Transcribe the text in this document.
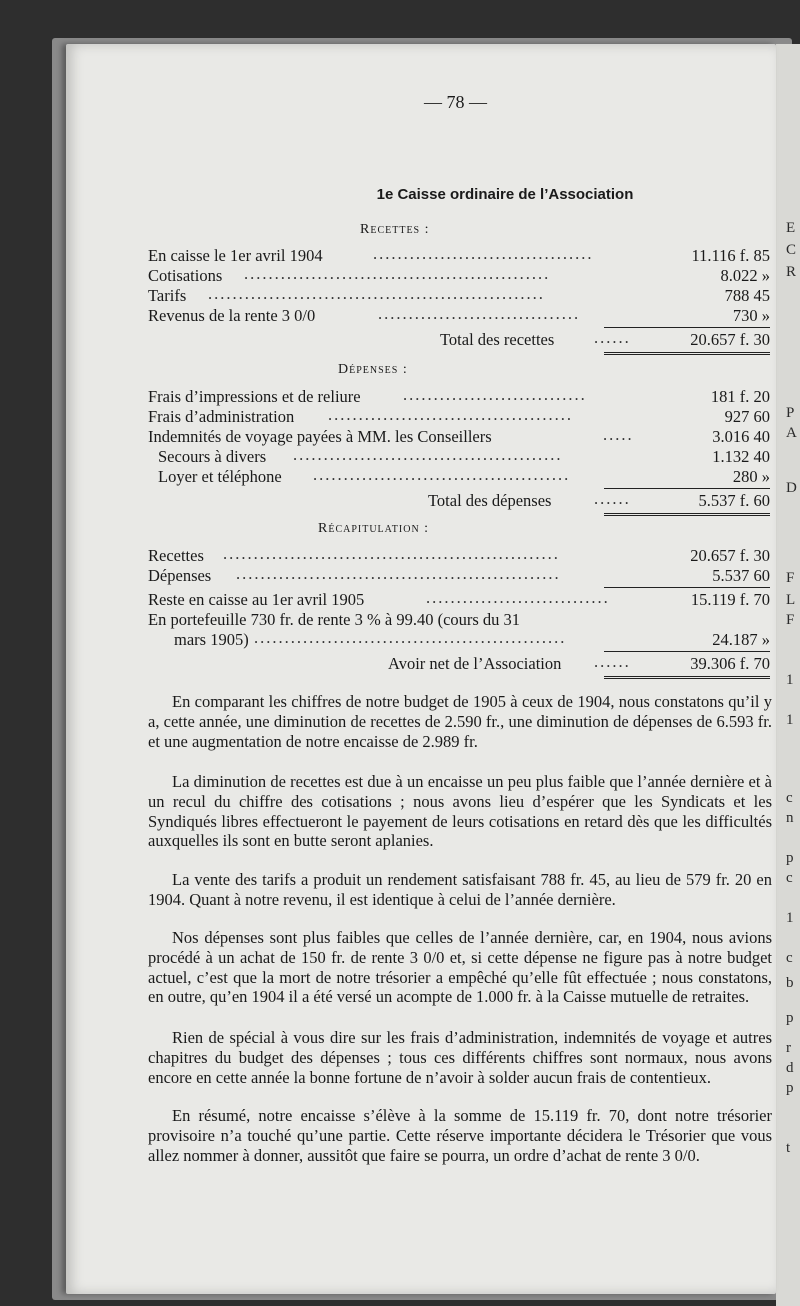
— 78 —
1e Caisse ordinaire de l’Association
Recettes :
En caisse le 1er avril 1904	....................................	11.116 f. 85
Cotisations ..................................................	8.022 »
Tarifs .......................................................	788 45
Revenus de la rente 3 0/0	.................................	730 »
Total des recettes ......	20.657 f. 30
Dépenses :
Frais d’impressions et de reliure	..............................	181 f. 20
Frais d’administration ........................................	927 60
Indemnités de voyage payées à MM. les Conseillers	.....	3.016 40
Secours à divers ............................................	1.132 40
Loyer et téléphone ..........................................	280 »
Total des dépenses	......	5.537 f. 60
Récapitulation :
Recettes .......................................................	20.657 f. 30
Dépenses .....................................................	5.537 60
Reste en caisse au 1er avril 1905	..............................	15.119 f. 70
En portefeuille 730 fr. de rente 3 % à 99.40 (cours du 31
mars 1905) ...................................................	24.187 »
Avoir net de l’Association ......	39.306 f. 70

En comparant les chiffres de notre budget de 1905 à ceux de 1904, nous constatons qu’il y a, cette année, une diminution de recettes de 2.590 fr., une diminution de dépenses de 6.593 fr. et une augmentation de notre encaisse de 2.989 fr.

La diminution de recettes est due à un encaisse un peu plus faible que l’année dernière et à un recul du chiffre des cotisations ; nous avons lieu d’espérer que les Syndicats et les Syndiqués libres effectueront le payement de leurs cotisations en retard dès que les difficultés auxquelles ils sont en butte seront aplanies.

La vente des tarifs a produit un rendement satisfaisant 788 fr. 45, au lieu de 579 fr. 20 en 1904. Quant à notre revenu, il est identique à celui de l’année dernière.

Nos dépenses sont plus faibles que celles de l’année dernière, car, en 1904, nous avions procédé à un achat de 150 fr. de rente 3 0/0 et, si cette dépense ne figure pas à notre budget actuel, c’est que la mort de notre trésorier a empêché qu’elle fût effectuée ; nous constatons, en outre, qu’en 1904 il a été versé un acompte de 1.000 fr. à la Caisse mutuelle de retraites.

Rien de spécial à vous dire sur les frais d’administration, indemnités de voyage et autres chapitres du budget des dépenses ; tous ces différents chiffres sont normaux, nous avons encore en cette année la bonne fortune de n’avoir à solder aucun frais de contentieux.

En résumé, notre encaisse s’élève à la somme de 15.119 fr. 70, dont notre trésorier provisoire n’a touché qu’une partie. Cette réserve importante décidera le Trésorier que vous allez nommer à donner, aussitôt que faire se pourra, un ordre d’achat de rente 3 0/0.

E
C
R
P
A
D
F
L
F
1
1
c
n
p
c
1
c
b
p
r
d
p
t
